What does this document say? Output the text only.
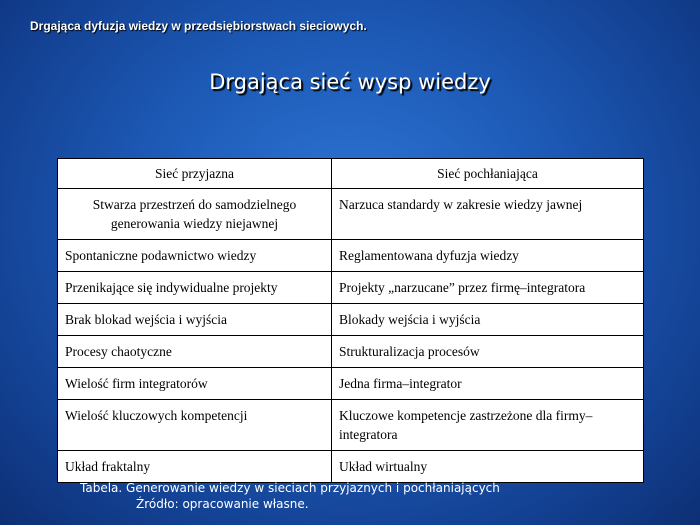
Drgająca dyfuzja wiedzy w przedsiębiorstwach sieciowych.
Drgająca sieć wysp wiedzy
Sieć przyjazna	Sieć pochłaniająca
Stwarza przestrzeń do samodzielnego generowania wiedzy niejawnej	Narzuca standardy w zakresie wiedzy jawnej
Spontaniczne podawnictwo wiedzy	Reglamentowana dyfuzja wiedzy
Przenikające się indywidualne projekty	Projekty „narzucane” przez firmę–integratora
Brak blokad wejścia i wyjścia	Blokady wejścia i wyjścia
Procesy chaotyczne	Strukturalizacja procesów
Wielość firm integratorów	Jedna firma–integrator
Wielość kluczowych kompetencji	Kluczowe kompetencje zastrzeżone dla firmy–integratora
Układ fraktalny	Układ wirtualny
Tabela. Generowanie wiedzy w sieciach przyjaznych i pochłaniających
Źródło: opracowanie własne.
